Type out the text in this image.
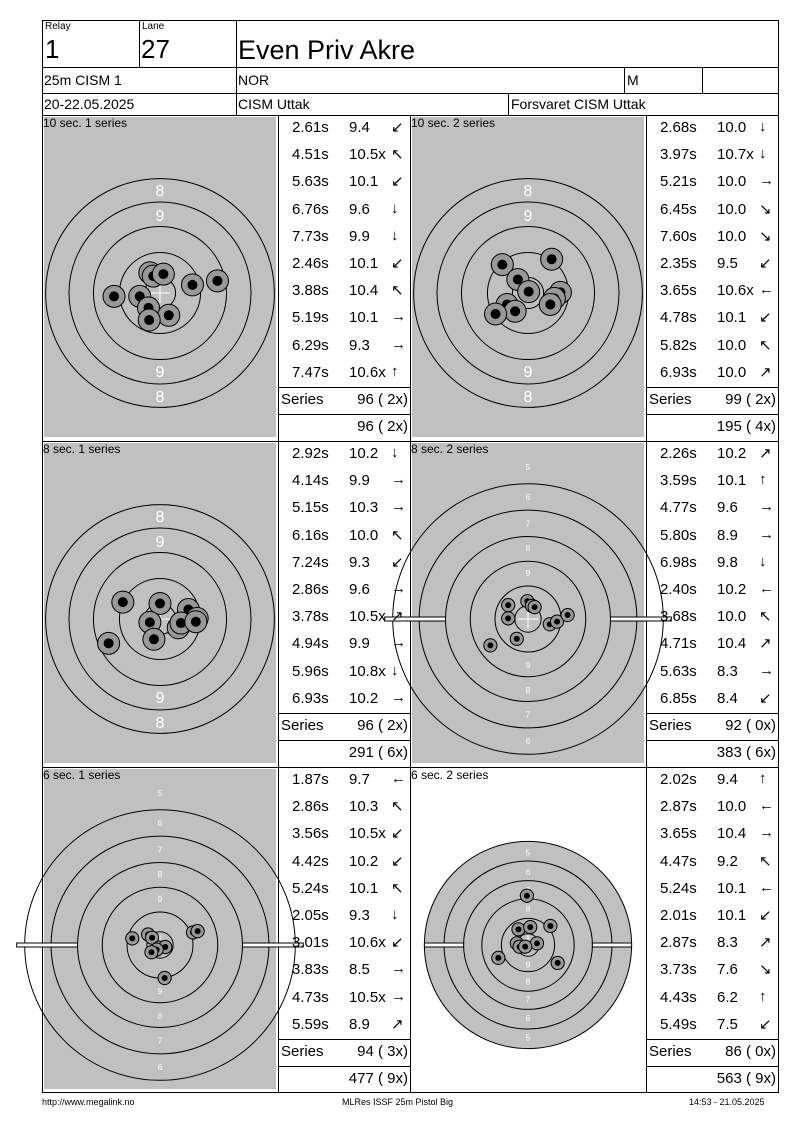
Relay
1
Lane
27	Even Priv Akre
25m CISM 1	NOR	M
20-22.05.2025	CISM Uttak	Forsvaret CISM Uttak
8
9
9
8
8
9
9
8
8
9
9
8
5
5
6
6
7
7
8
8
9
9
5
5
6
6
7
7
8
8
9
9
5
5
6
6
7
8
8
9
10 sec. 1 series	2.61s 9.4 ↙
4.51s 10.5x ↖
5.63s 10.1 ↙
6.76s 9.6 ↓
7.73s 9.9 ↓
2.46s 10.1 ↙
3.88s 10.4 ↖
5.19s 10.1 →
6.29s 9.3 →
7.47s 10.6x ↑
Series	96 ( 2x)
96 ( 2x)
10 sec. 2 series	2.68s 10.0 ↓
3.97s 10.7x ↓
5.21s 10.0 →
6.45s 10.0 ↘
7.60s 10.0 ↘
2.35s 9.5 ↙
3.65s 10.6x ←
4.78s 10.1 ↙
5.82s 10.0 ↖
6.93s 10.0 ↗
Series	99 ( 2x)
195 ( 4x)
8 sec. 1 series	2.92s 10.2 ↓
4.14s 9.9 →
5.15s 10.3 →
6.16s 10.0 ↖
7.24s 9.3 ↙
2.86s 9.6 →
3.78s 10.5x ↗
4.94s 9.9 →
5.96s 10.8x ↓
6.93s 10.2 →
Series	96 ( 2x)
291 ( 6x)
8 sec. 2 series	2.26s 10.2 ↗
3.59s 10.1 ↑
4.77s 9.6 →
5.80s 8.9 →
6.98s 9.8 ↓
2.40s 10.2 ←
3.68s 10.0 ↖
4.71s 10.4 ↗
5.63s 8.3 →
6.85s 8.4 ↙
Series	92 ( 0x)
383 ( 6x)
6 sec. 1 series	1.87s 9.7 ←
2.86s 10.3 ↖
3.56s 10.5x ↙
4.42s 10.2 ↙
5.24s 10.1 ↖
2.05s 9.3 ↓
3.01s 10.6x ↙
3.83s 8.5 →
4.73s 10.5x →
5.59s 8.9 ↗
Series	94 ( 3x)
477 ( 9x)
6 sec. 2 series	2.02s 9.4 ↑
2.87s 10.0 ←
3.65s 10.4 →
4.47s 9.2 ↖
5.24s 10.1 ←
2.01s 10.1 ↙
2.87s 8.3 ↗
3.73s 7.6 ↘
4.43s 6.2 ↑
5.49s 7.5 ↙
Series	86 ( 0x)
563 ( 9x)
http://www.megalink.no	MLRes ISSF 25m Pistol Big	14:53 - 21.05.2025
